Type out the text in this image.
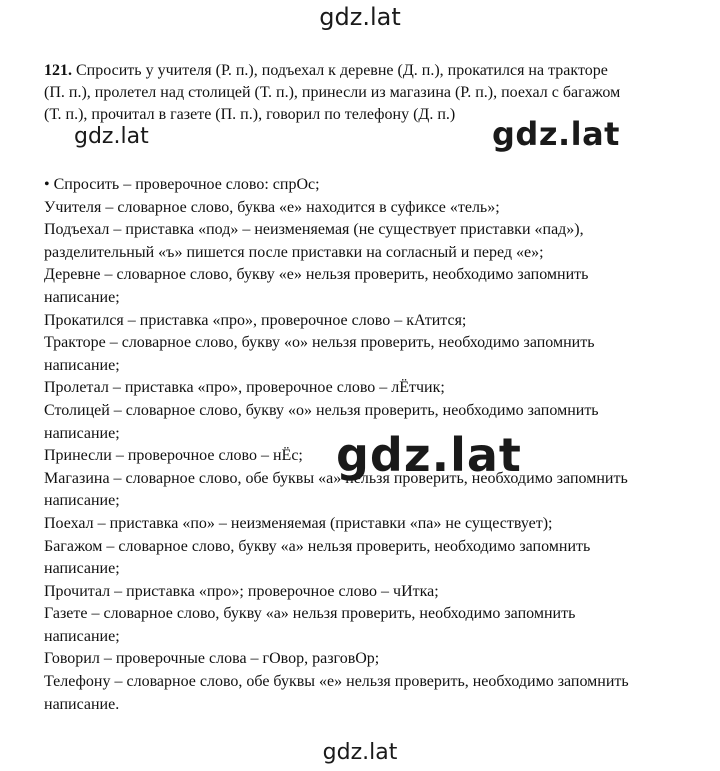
gdz.lat
121. Спросить у учителя (Р. п.), подъехал к деревне (Д. п.), прокатился на тракторе
(П. п.), пролетел над столицей (Т. п.), принесли из магазина (Р. п.), поехал с багажом
(Т. п.), прочитал в газете (П. п.), говорил по телефону (Д. п.)
gdz.lat	gdz.lat
• Спросить – проверочное слово: спрОс;
Учителя – словарное слово, буква «е» находится в суфиксе «тель»;
Подъехал – приставка «под» – неизменяемая (не существует приставки «пад»),
разделительный «ъ» пишется после приставки на согласный и перед «е»;
Деревне – словарное слово, букву «е» нельзя проверить, необходимо запомнить
написание;
Прокатился – приставка «про», проверочное слово – кАтится;
Тракторе – словарное слово, букву «о» нельзя проверить, необходимо запомнить
написание;
Пролетал – приставка «про», проверочное слово – лЁтчик;
Столицей – словарное слово, букву «о» нельзя проверить, необходимо запомнить
написание;
Принесли – проверочное слово – нЁс;
Магазина – словарное слово, обе буквы «а» нельзя проверить, необходимо запомнить
написание;
Поехал – приставка «по» – неизменяемая (приставки «па» не существует);
Багажом – словарное слово, букву «а» нельзя проверить, необходимо запомнить
написание;
Прочитал – приставка «про»; проверочное слово – чИтка;
Газете – словарное слово, букву «а» нельзя проверить, необходимо запомнить
написание;
Говорил – проверочные слова – гОвор, разговОр;
Телефону – словарное слово, обе буквы «е» нельзя проверить, необходимо запомнить
написание.
gdz.lat
gdz.lat
